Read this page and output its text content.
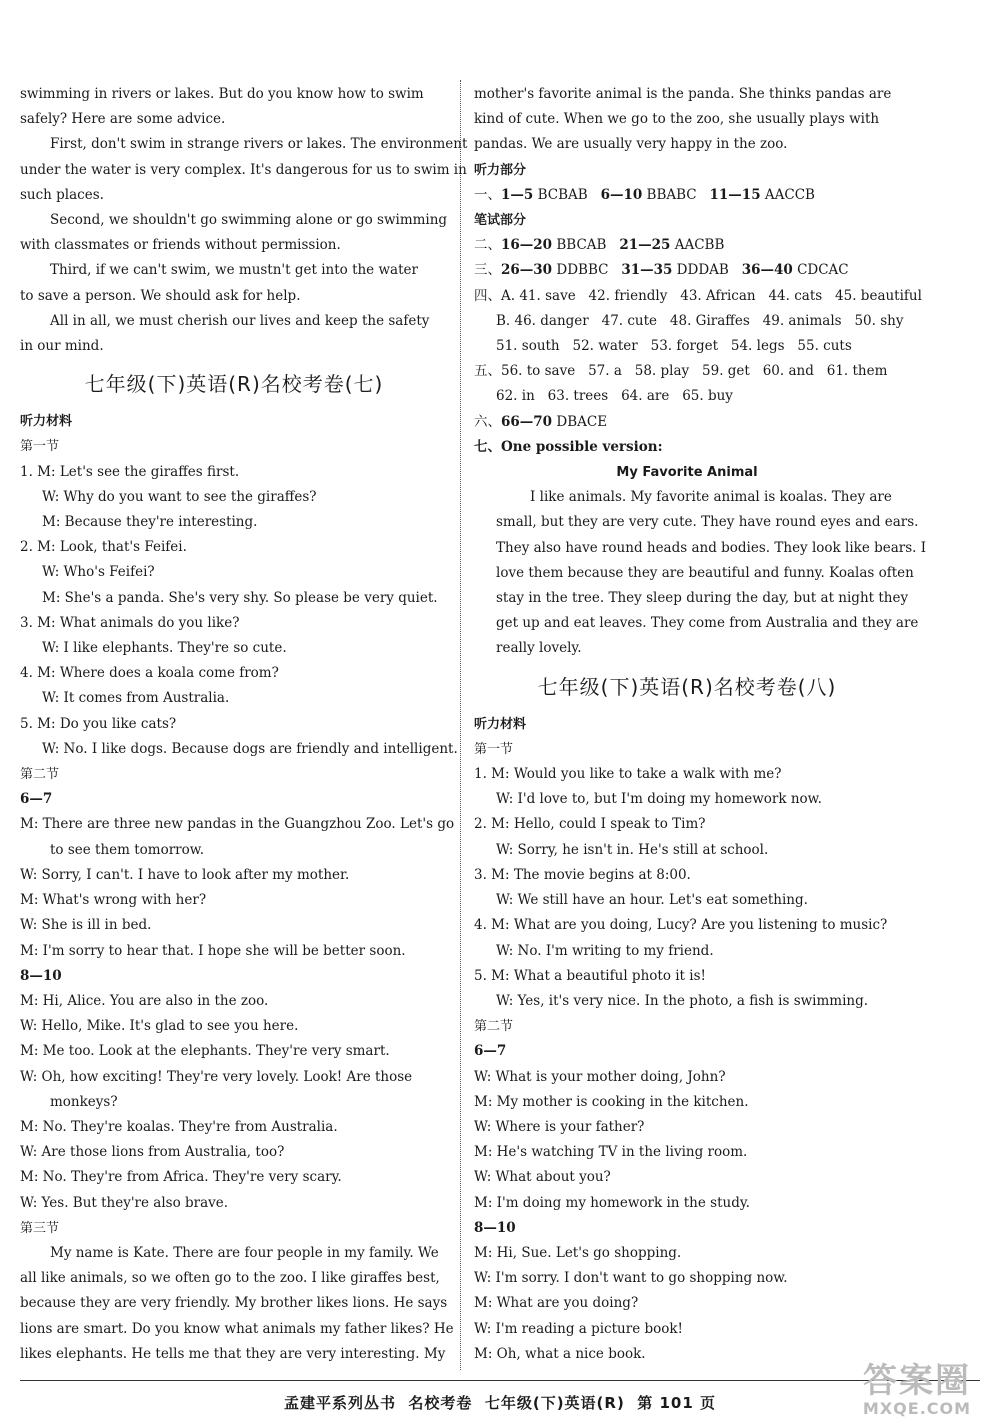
swimming in rivers or lakes. But do you know how to swim

safely? Here are some advice.

First, don't swim in strange rivers or lakes. The environment

under the water is very complex. It's dangerous for us to swim in

such places.

Second, we shouldn't go swimming alone or go swimming

with classmates or friends without permission.

Third, if we can't swim, we mustn't get into the water

to save a person. We should ask for help.

All in all, we must cherish our lives and keep the safety

in our mind.

七年级(下)英语(R)名校考卷(七)

听力材料

第一节

1. M: Let's see the giraffes first.

W: Why do you want to see the giraffes?

M: Because they're interesting.

2. M: Look, that's Feifei.

W: Who's Feifei?

M: She's a panda. She's very shy. So please be very quiet.

3. M: What animals do you like?

W: I like elephants. They're so cute.

4. M: Where does a koala come from?

W: It comes from Australia.

5. M: Do you like cats?

W: No. I like dogs. Because dogs are friendly and intelligent.

第二节

6—7

M: There are three new pandas in the Guangzhou Zoo. Let's go

to see them tomorrow.

W: Sorry, I can't. I have to look after my mother.

M: What's wrong with her?

W: She is ill in bed.

M: I'm sorry to hear that. I hope she will be better soon.

8—10

M: Hi, Alice. You are also in the zoo.

W: Hello, Mike. It's glad to see you here.

M: Me too. Look at the elephants. They're very smart.

W: Oh, how exciting! They're very lovely. Look! Are those

monkeys?

M: No. They're koalas. They're from Australia.

W: Are those lions from Australia, too?

M: No. They're from Africa. They're very scary.

W: Yes. But they're also brave.

第三节

My name is Kate. There are four people in my family. We

all like animals, so we often go to the zoo. I like giraffes best,

because they are very friendly. My brother likes lions. He says

lions are smart. Do you know what animals my father likes? He

likes elephants. He tells me that they are very interesting. My

mother's favorite animal is the panda. She thinks pandas are

kind of cute. When we go to the zoo, she usually plays with

pandas. We are usually very happy in the zoo.

听力部分

一、1—5 BCBAB   6—10 BBABC   11—15 AACCB

笔试部分

二、16—20 BBCAB   21—25 AACBB

三、26—30 DDBBC   31—35 DDDAB   36—40 CDCAC

四、A. 41. save   42. friendly   43. African   44. cats   45. beautiful

B. 46. danger   47. cute   48. Giraffes   49. animals   50. shy

51. south   52. water   53. forget   54. legs   55. cuts

五、56. to save   57. a   58. play   59. get   60. and   61. them

62. in   63. trees   64. are   65. buy

六、66—70 DBACE

七、One possible version:

My Favorite Animal

I like animals. My favorite animal is koalas. They are

small, but they are very cute. They have round eyes and ears.

They also have round heads and bodies. They look like bears. I

love them because they are beautiful and funny. Koalas often

stay in the tree. They sleep during the day, but at night they

get up and eat leaves. They come from Australia and they are

really lovely.

七年级(下)英语(R)名校考卷(八)

听力材料

第一节

1. M: Would you like to take a walk with me?

W: I'd love to, but I'm doing my homework now.

2. M: Hello, could I speak to Tim?

W: Sorry, he isn't in. He's still at school.

3. M: The movie begins at 8:00.

W: We still have an hour. Let's eat something.

4. M: What are you doing, Lucy? Are you listening to music?

W: No. I'm writing to my friend.

5. M: What a beautiful photo it is!

W: Yes, it's very nice. In the photo, a fish is swimming.

第二节

6—7

W: What is your mother doing, John?

M: My mother is cooking in the kitchen.

W: Where is your father?

M: He's watching TV in the living room.

W: What about you?

M: I'm doing my homework in the study.

8—10

M: Hi, Sue. Let's go shopping.

W: I'm sorry. I don't want to go shopping now.

M: What are you doing?

W: I'm reading a picture book!

M: Oh, what a nice book.

孟建平系列丛书  名校考卷  七年级(下)英语(R)  第 101 页
答案圈
MXQE.COM
